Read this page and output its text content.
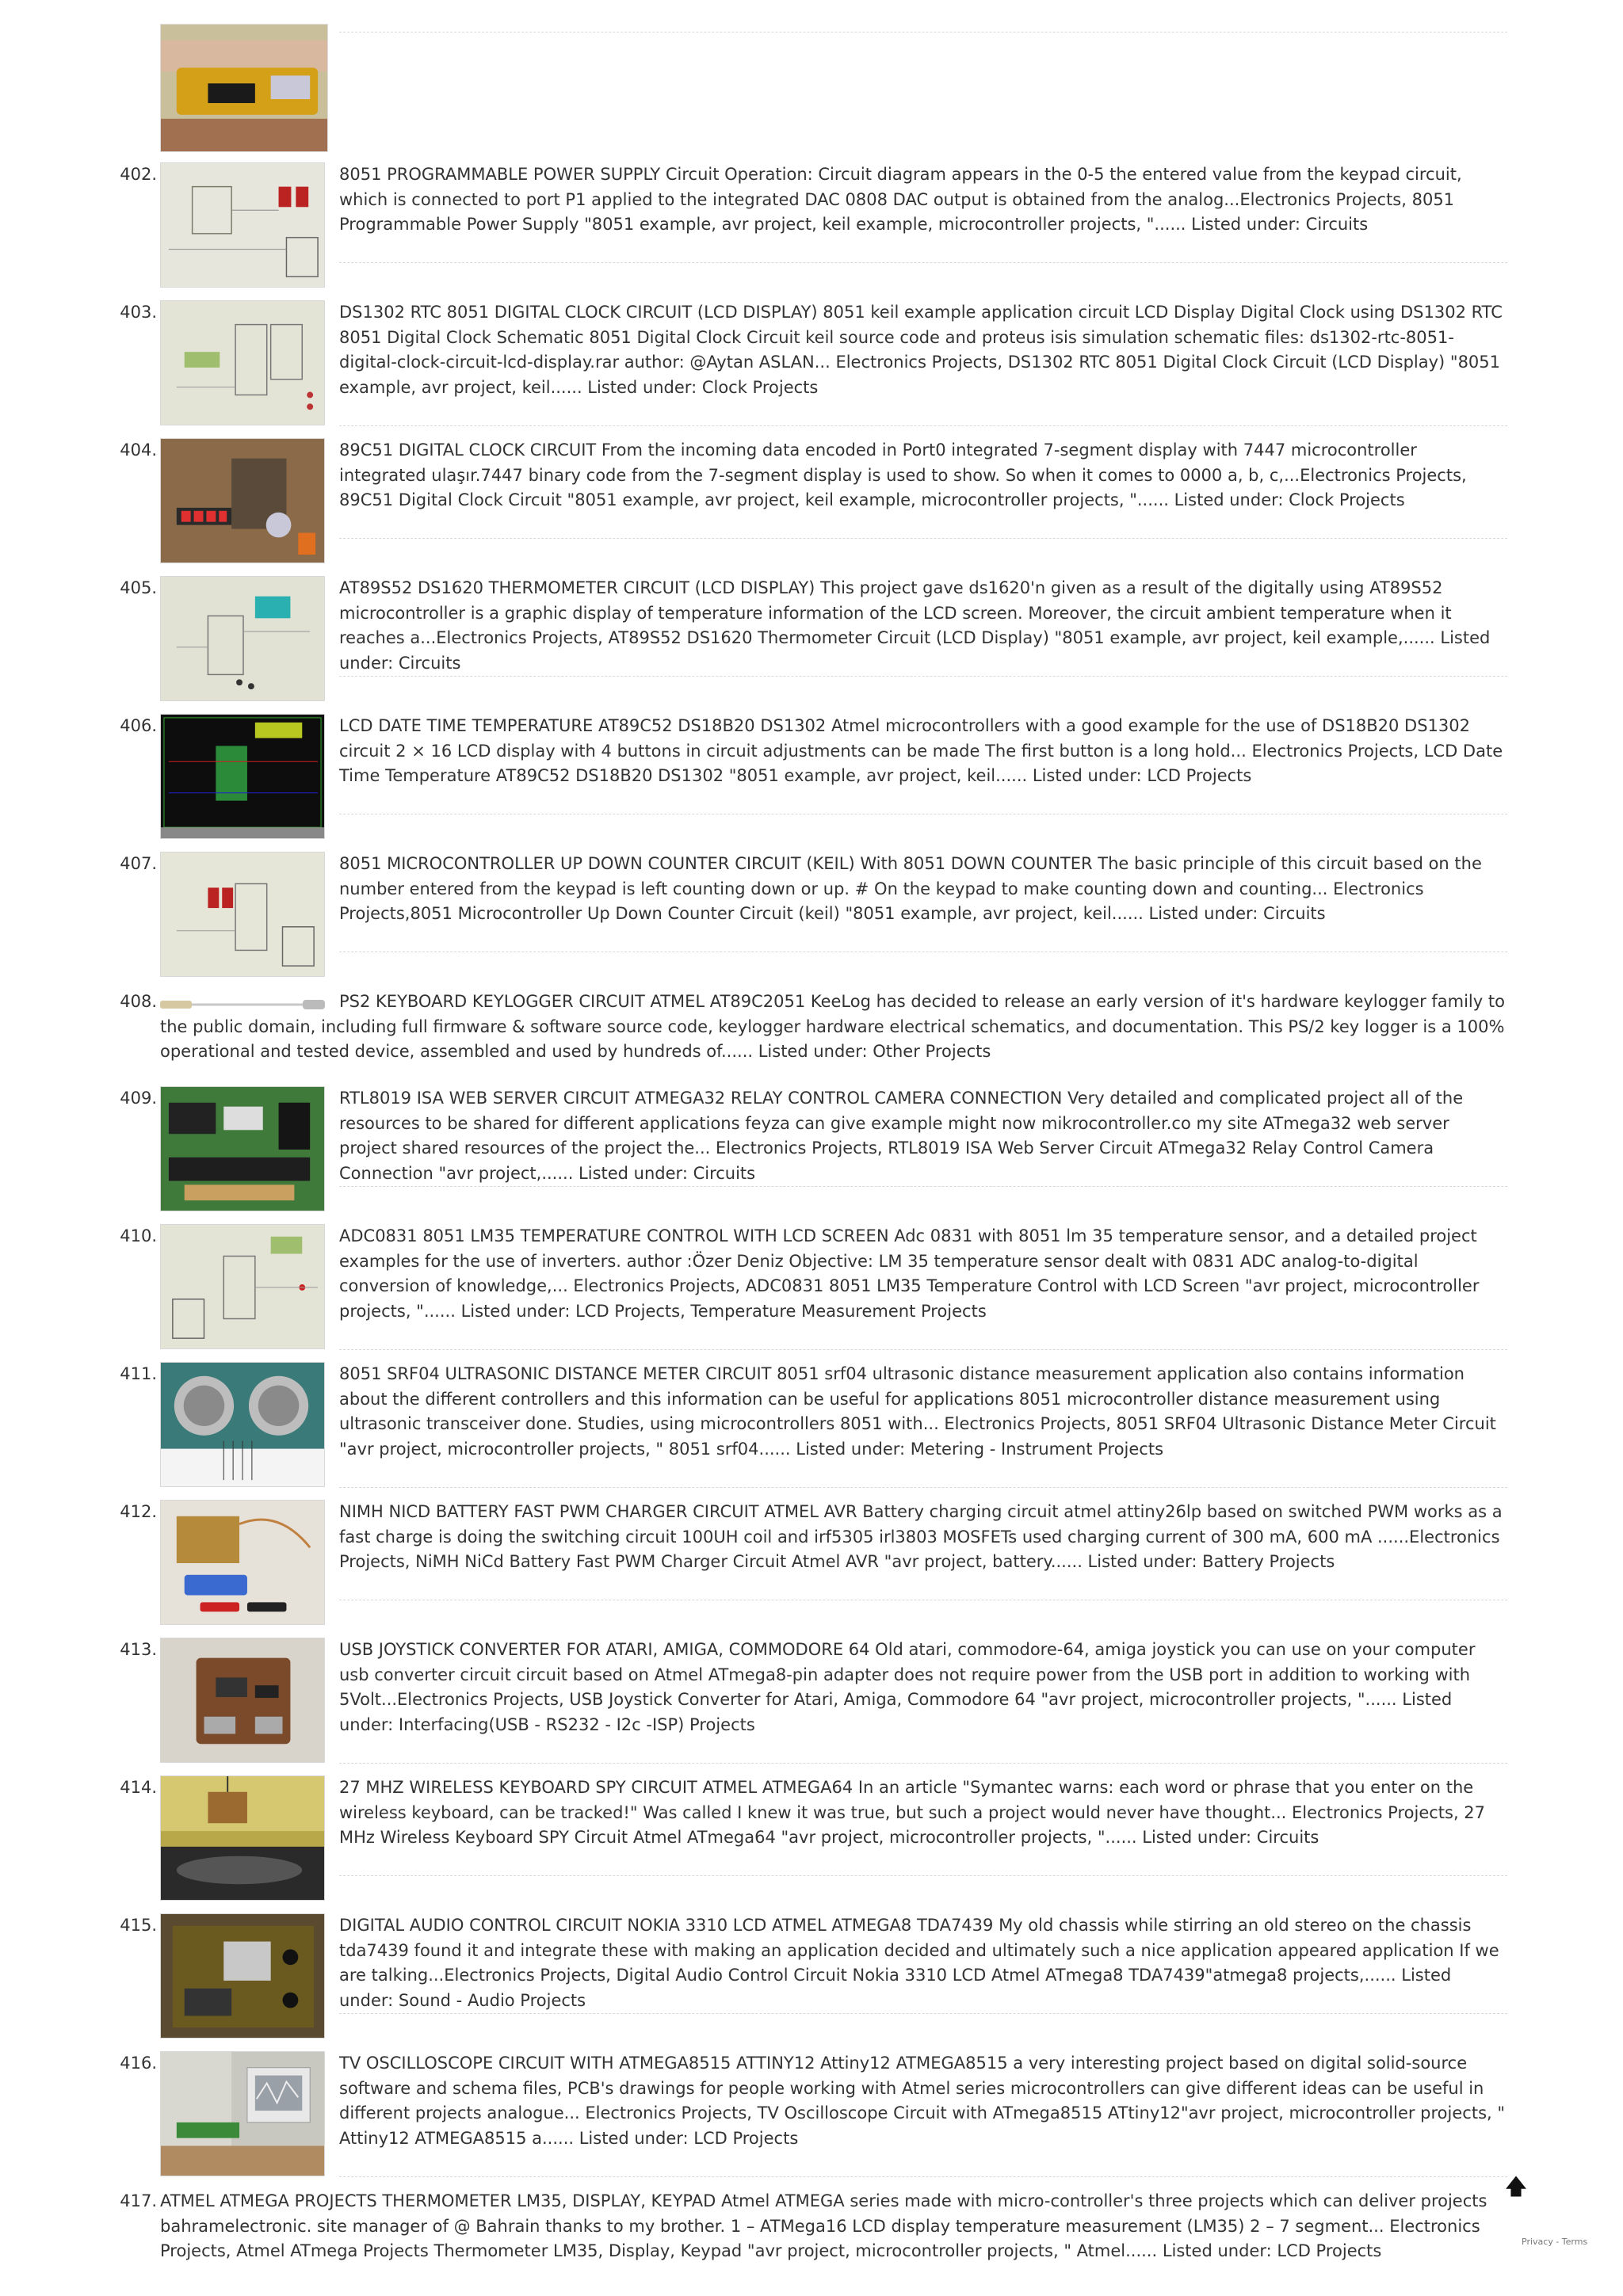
402.	8051 PROGRAMMABLE POWER SUPPLY Circuit Operation: Circuit diagram appears in the 0-5 the entered value from the keypad circuit, which is connected to port P1 applied to the integrated DAC 0808 DAC output is obtained from the analog...Electronics Projects, 8051 Programmable Power Supply "8051 example, avr project, keil example, microcontroller projects, "...... Listed under: Circuits
403.	DS1302 RTC 8051 DIGITAL CLOCK CIRCUIT (LCD DISPLAY) 8051 keil example application circuit LCD Display Digital Clock using DS1302 RTC 8051 Digital Clock Schematic 8051 Digital Clock Circuit keil source code and proteus isis simulation schematic files: ds1302-rtc-8051-digital-clock-circuit-lcd-display.rar author: @Aytan ASLAN... Electronics Projects, DS1302 RTC 8051 Digital Clock Circuit (LCD Display) "8051 example, avr project, keil...... Listed under: Clock Projects
404.	89C51 DIGITAL CLOCK CIRCUIT From the incoming data encoded in Port0 integrated 7-segment display with 7447 microcontroller integrated ulaşır.7447 binary code from the 7-segment display is used to show. So when it comes to 0000 a, b, c,...Electronics Projects, 89C51 Digital Clock Circuit "8051 example, avr project, keil example, microcontroller projects, "...... Listed under: Clock Projects
405.	AT89S52 DS1620 THERMOMETER CIRCUIT (LCD DISPLAY) This project gave ds1620'n given as a result of the digitally using AT89S52 microcontroller is a graphic display of temperature information of the LCD screen. Moreover, the circuit ambient temperature when it reaches a...Electronics Projects, AT89S52 DS1620 Thermometer Circuit (LCD Display) "8051 example, avr project, keil example,...... Listed under: Circuits
406.	LCD DATE TIME TEMPERATURE AT89C52 DS18B20 DS1302 Atmel microcontrollers with a good example for the use of DS18B20 DS1302 circuit 2 × 16 LCD display with 4 buttons in circuit adjustments can be made The first button is a long hold... Electronics Projects, LCD Date Time Temperature AT89C52 DS18B20 DS1302 "8051 example, avr project, keil...... Listed under: LCD Projects
407.	8051 MICROCONTROLLER UP DOWN COUNTER CIRCUIT (KEIL) With 8051 DOWN COUNTER The basic principle of this circuit based on the number entered from the keypad is left counting down or up. # On the keypad to make counting down and counting... Electronics Projects,8051 Microcontroller Up Down Counter Circuit (keil) "8051 example, avr project, keil...... Listed under: Circuits
408.	PS2 KEYBOARD KEYLOGGER CIRCUIT ATMEL AT89C2051 KeeLog has decided to release an early version of it's hardware keylogger family to the public domain, including full firmware & software source code, keylogger hardware electrical schematics, and documentation. This PS/2 key logger is a 100% operational and tested device, assembled and used by hundreds of...... Listed under: Other Projects
409.	RTL8019 ISA WEB SERVER CIRCUIT ATMEGA32 RELAY CONTROL CAMERA CONNECTION Very detailed and complicated project all of the resources to be shared for different applications feyza can give example might now mikrocontroller.co my site ATmega32 web server project shared resources of the project the... Electronics Projects, RTL8019 ISA Web Server Circuit ATmega32 Relay Control Camera Connection "avr project,...... Listed under: Circuits
410.	ADC0831 8051 LM35 TEMPERATURE CONTROL WITH LCD SCREEN Adc 0831 with 8051 lm 35 temperature sensor, and a detailed project examples for the use of inverters. author :Özer Deniz Objective: LM 35 temperature sensor dealt with 0831 ADC analog-to-digital conversion of knowledge,... Electronics Projects, ADC0831 8051 LM35 Temperature Control with LCD Screen "avr project, microcontroller projects, "...... Listed under: LCD Projects, Temperature Measurement Projects
411.	8051 SRF04 ULTRASONIC DISTANCE METER CIRCUIT 8051 srf04 ultrasonic distance measurement application also contains information about the different controllers and this information can be useful for applications 8051 microcontroller distance measurement using ultrasonic transceiver done. Studies, using microcontrollers 8051 with... Electronics Projects, 8051 SRF04 Ultrasonic Distance Meter Circuit "avr project, microcontroller projects, " 8051 srf04...... Listed under: Metering - Instrument Projects
412.	NIMH NICD BATTERY FAST PWM CHARGER CIRCUIT ATMEL AVR Battery charging circuit atmel attiny26lp based on switched PWM works as a fast charge is doing the switching circuit 100UH coil and irf5305 irl3803 MOSFETs used charging current of 300 mA, 600 mA ......Electronics Projects, NiMH NiCd Battery Fast PWM Charger Circuit Atmel AVR "avr project, battery...... Listed under: Battery Projects
413.	USB JOYSTICK CONVERTER FOR ATARI, AMIGA, COMMODORE 64 Old atari, commodore-64, amiga joystick you can use on your computer usb converter circuit circuit based on Atmel ATmega8-pin adapter does not require power from the USB port in addition to working with 5Volt...Electronics Projects, USB Joystick Converter for Atari, Amiga, Commodore 64 "avr project, microcontroller projects, "...... Listed under: Interfacing(USB - RS232 - I2c -ISP) Projects
414.	27 MHZ WIRELESS KEYBOARD SPY CIRCUIT ATMEL ATMEGA64 In an article "Symantec warns: each word or phrase that you enter on the wireless keyboard, can be tracked!" Was called I knew it was true, but such a project would never have thought... Electronics Projects, 27 MHz Wireless Keyboard SPY Circuit Atmel ATmega64 "avr project, microcontroller projects, "...... Listed under: Circuits
415.	DIGITAL AUDIO CONTROL CIRCUIT NOKIA 3310 LCD ATMEL ATMEGA8 TDA7439 My old chassis while stirring an old stereo on the chassis tda7439 found it and integrate these with making an application decided and ultimately such a nice application appeared application If we are talking...Electronics Projects, Digital Audio Control Circuit Nokia 3310 LCD Atmel ATmega8 TDA7439"atmega8 projects,...... Listed under: Sound - Audio Projects
416.	TV OSCILLOSCOPE CIRCUIT WITH ATMEGA8515 ATTINY12 Attiny12 ATMEGA8515 a very interesting project based on digital solid-source software and schema files, PCB's drawings for people working with Atmel series microcontrollers can give different ideas can be useful in different projects analogue... Electronics Projects, TV Oscilloscope Circuit with ATmega8515 ATtiny12"avr project, microcontroller projects, " Attiny12 ATMEGA8515 a...... Listed under: LCD Projects
417. ATMEL ATMEGA PROJECTS THERMOMETER LM35, DISPLAY, KEYPAD Atmel ATMEGA series made with micro-controller's three projects which can deliver projects bahramelectronic. site manager of @ Bahrain thanks to my brother. 1 – ATMega16 LCD display temperature measurement (LM35) 2 – 7 segment... Electronics Projects, Atmel ATmega Projects Thermometer LM35, Display, Keypad "avr project, microcontroller projects, " Atmel...... Listed under: LCD Projects
🡅
Privacy - Terms
